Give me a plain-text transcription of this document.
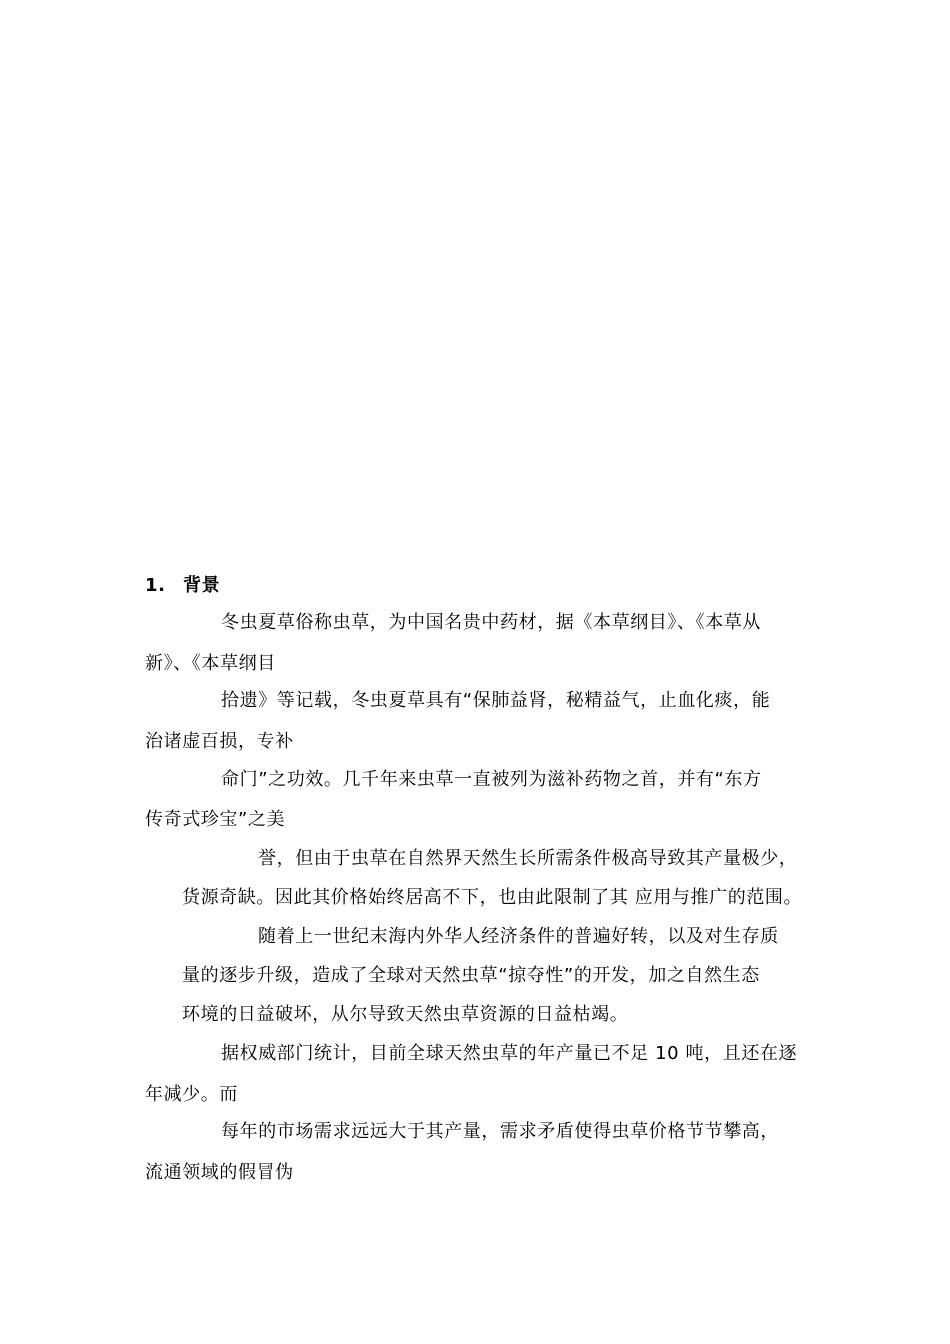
1. 背景
冬虫夏草俗称虫草，为中国名贵中药材，据《本草纲目》、《本草从
新》、《本草纲目
拾遗》等记载，冬虫夏草具有“保肺益肾，秘精益气，止血化痰，能
治诸虚百损，专补
命门”之功效。几千年来虫草一直被列为滋补药物之首，并有“东方
传奇式珍宝”之美
誉，但由于虫草在自然界天然生长所需条件极高导致其产量极少，
货源奇缺。因此其价格始终居高不下，也由此限制了其 应用与推广的范围。
随着上一世纪末海内外华人经济条件的普遍好转，以及对生存质
量的逐步升级，造成了全球对天然虫草“掠夺性”的开发，加之自然生态
环境的日益破坏，从尔导致天然虫草资源的日益枯竭。
据权威部门统计，目前全球天然虫草的年产量已不足 10 吨，且还在逐
年减少。而
每年的市场需求远远大于其产量，需求矛盾使得虫草价格节节攀高，
流通领域的假冒伪
